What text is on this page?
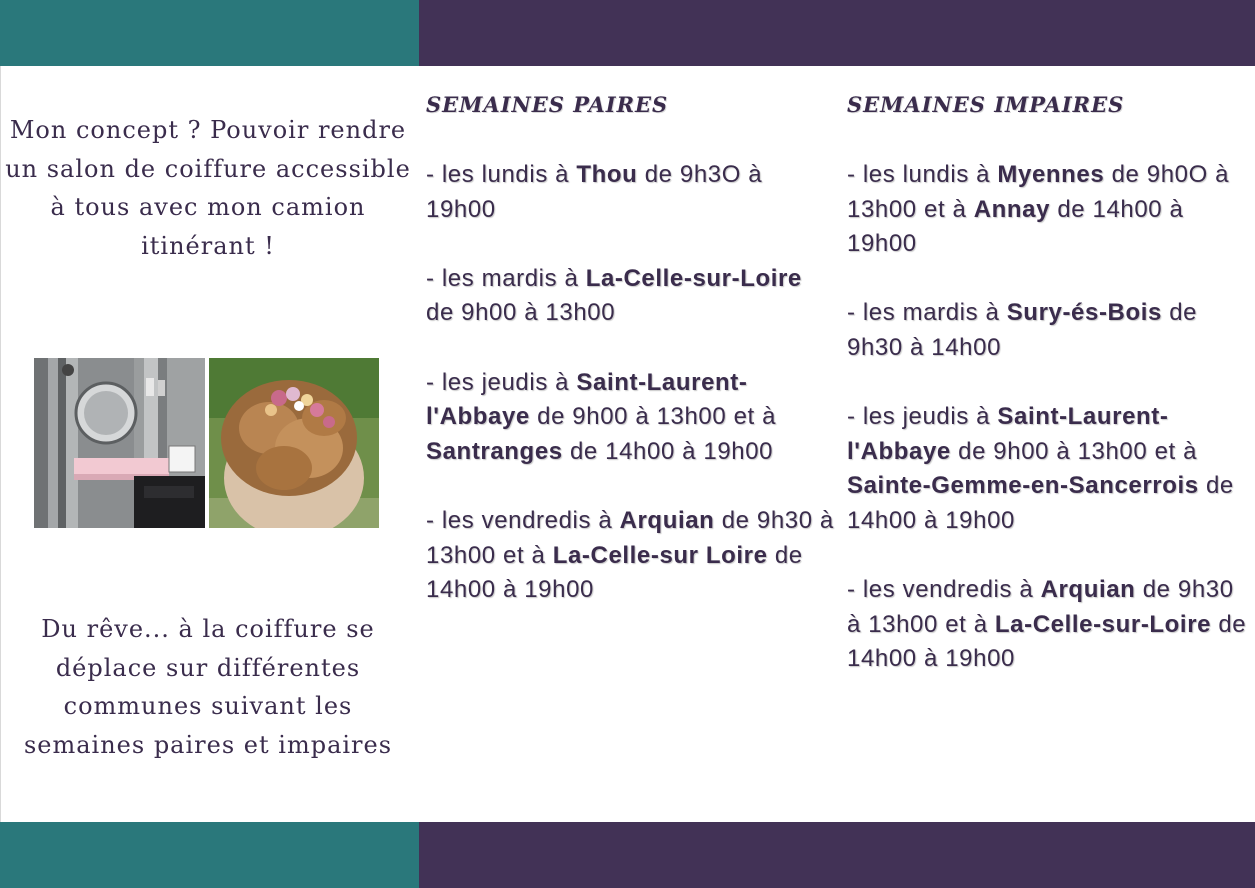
Mon concept ? Pouvoir rendre un salon de coiffure accessible à tous avec mon camion itinérant !

Du rêve... à la coiffure se déplace sur différentes communes suivant les semaines paires et impaires

SEMAINES PAIRES

- les lundis à Thou de 9h3O à 19h00

- les mardis à La-Celle-sur-Loire de 9h00 à 13h00

- les jeudis à Saint-Laurent-l'Abbaye de 9h00 à 13h00 et à Santranges de 14h00 à 19h00

- les vendredis à Arquian de 9h30 à 13h00 et à La-Celle-sur Loire de 14h00 à 19h00

SEMAINES IMPAIRES

- les lundis à Myennes de 9h0O à 13h00 et à Annay de 14h00 à 19h00

- les mardis à Sury-és-Bois de 9h30 à 14h00

- les jeudis à Saint-Laurent-l'Abbaye de 9h00 à 13h00 et à Sainte-Gemme-en-Sancerrois de 14h00 à 19h00

- les vendredis à Arquian de 9h30 à 13h00 et à La-Celle-sur-Loire de 14h00 à 19h00
